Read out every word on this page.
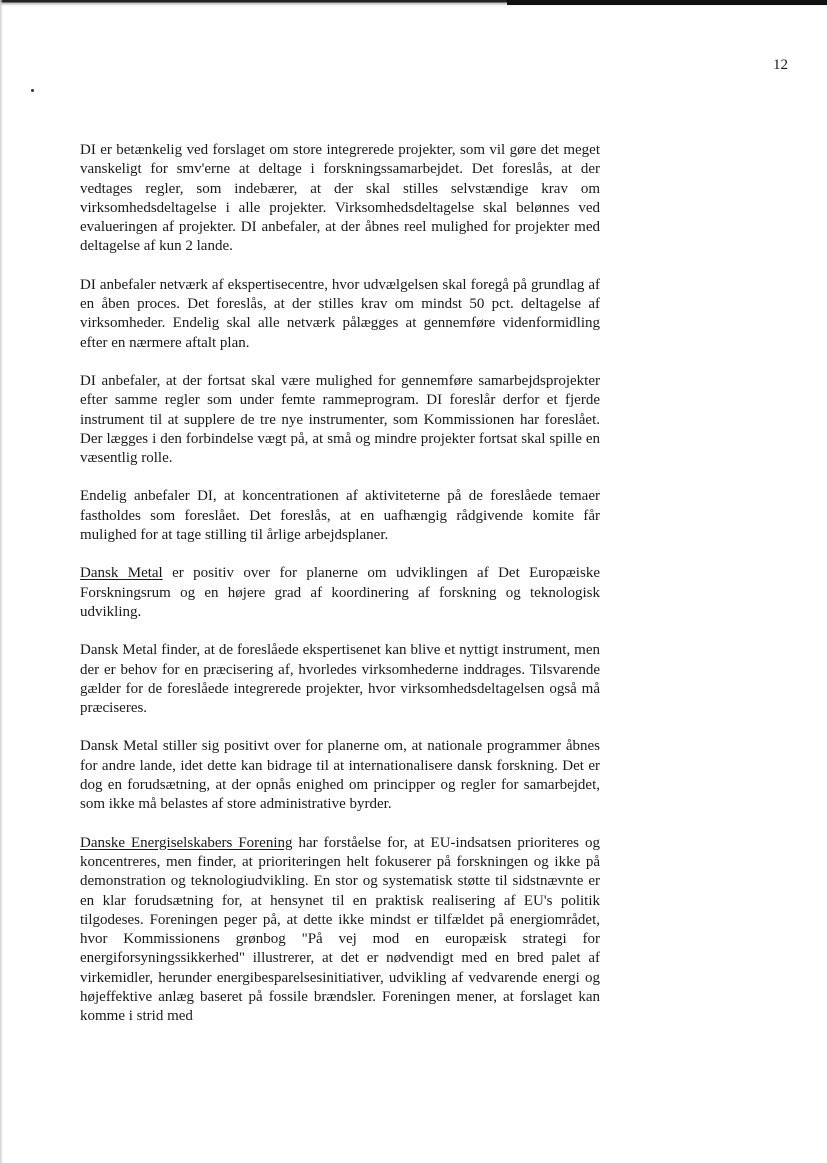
12

DI er betænkelig ved forslaget om store integrerede projekter, som vil gøre det meget vanskeligt for smv'erne at deltage i forskningssamarbejdet. Det foreslås, at der vedtages regler, som indebærer, at der skal stilles selvstændige krav om virksomhedsdeltagelse i alle projekter. Virksomhedsdeltagelse skal belønnes ved evalueringen af projekter. DI anbefaler, at der åbnes reel mulighed for projekter med deltagelse af kun 2 lande.

DI anbefaler netværk af ekspertisecentre, hvor udvælgelsen skal foregå på grundlag af en åben proces. Det foreslås, at der stilles krav om mindst 50 pct. deltagelse af virksomheder. Endelig skal alle netværk pålægges at gennemføre videnformidling efter en nærmere aftalt plan.

DI anbefaler, at der fortsat skal være mulighed for gennemføre samarbejdsprojekter efter samme regler som under femte rammeprogram. DI foreslår derfor et fjerde instrument til at supplere de tre nye instrumenter, som Kommissionen har foreslået. Der lægges i den forbindelse vægt på, at små og mindre projekter fortsat skal spille en væsentlig rolle.

Endelig anbefaler DI, at koncentrationen af aktiviteterne på de foreslåede temaer fastholdes som foreslået. Det foreslås, at en uafhængig rådgivende komite får mulighed for at tage stilling til årlige arbejdsplaner.

Dansk Metal er positiv over for planerne om udviklingen af Det Europæiske Forskningsrum og en højere grad af koordinering af forskning og teknologisk udvikling.

Dansk Metal finder, at de foreslåede ekspertisenet kan blive et nyttigt instrument, men der er behov for en præcisering af, hvorledes virksomhederne inddrages. Tilsvarende gælder for de foreslåede integrerede projekter, hvor virksomhedsdeltagelsen også må præciseres.

Dansk Metal stiller sig positivt over for planerne om, at nationale programmer åbnes for andre lande, idet dette kan bidrage til at internationalisere dansk forskning. Det er dog en forudsætning, at der opnås enighed om principper og regler for samarbejdet, som ikke må belastes af store administrative byrder.

Danske Energiselskabers Forening har forståelse for, at EU-indsatsen prioriteres og koncentreres, men finder, at prioriteringen helt fokuserer på forskningen og ikke på demonstration og teknologiudvikling. En stor og systematisk støtte til sidstnævnte er en klar forudsætning for, at hensynet til en praktisk realisering af EU's politik tilgodeses. Foreningen peger på, at dette ikke mindst er tilfældet på energiområdet, hvor Kommissionens grønbog "På vej mod en europæisk strategi for energiforsyningssikkerhed" illustrerer, at det er nødvendigt med en bred palet af virkemidler, herunder energibesparelsesinitiativer, udvikling af vedvarende energi og højeffektive anlæg baseret på fossile brændsler. Foreningen mener, at forslaget kan komme i strid med
